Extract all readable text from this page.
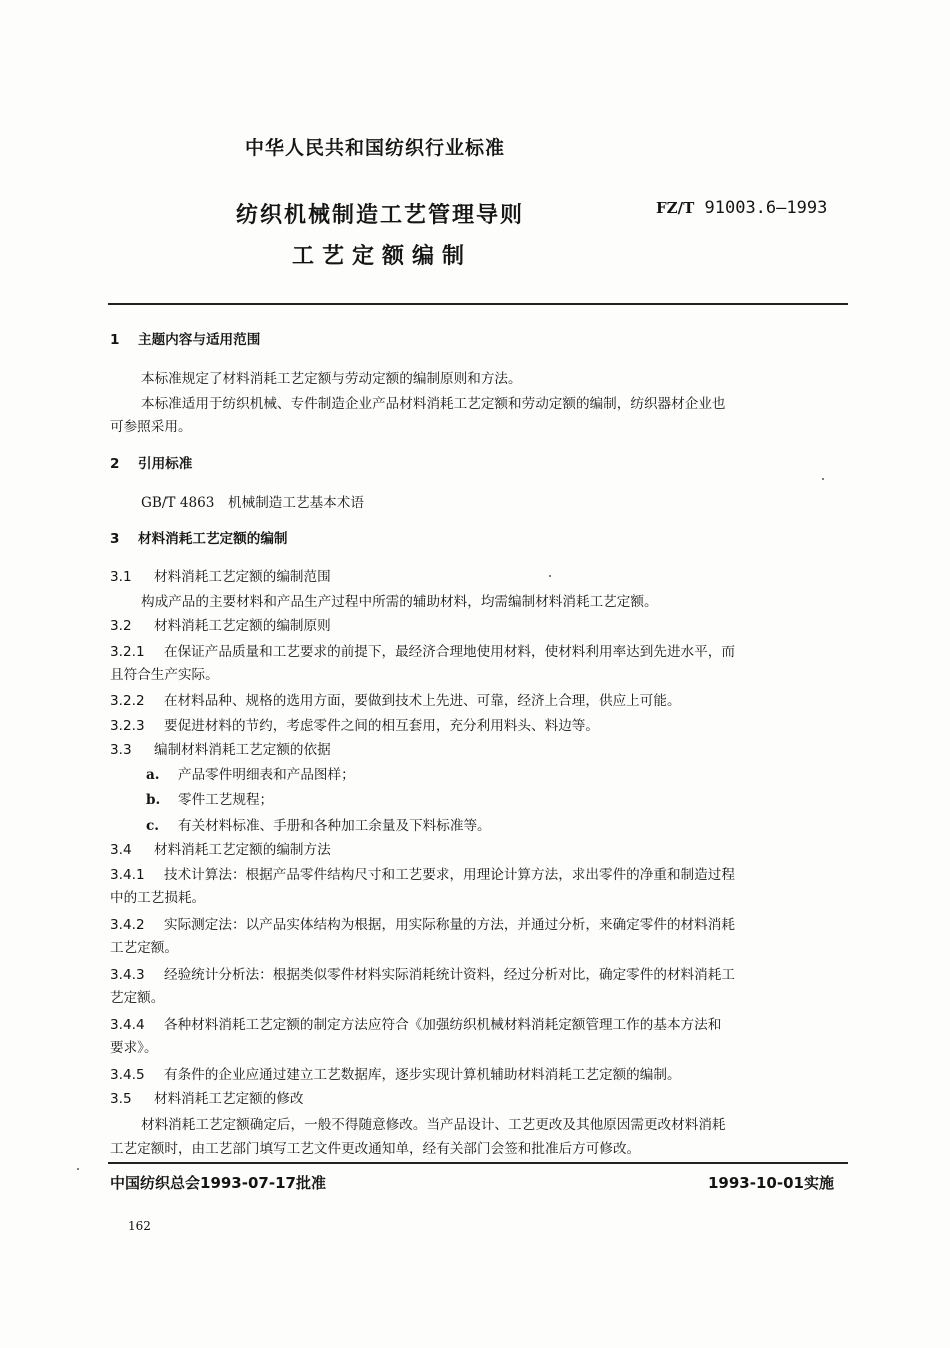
中华人民共和国纺织行业标准
纺织机械制造工艺管理导则
工艺定额编制
FZ/T 91003.6—1993
1 主题内容与适用范围
本标准规定了材料消耗工艺定额与劳动定额的编制原则和方法。
本标准适用于纺织机械、专件制造企业产品材料消耗工艺定额和劳动定额的编制，纺织器材企业也
可参照采用。
2 引用标准
GB/T 4863　机械制造工艺基本术语
3 材料消耗工艺定额的编制
3.1 材料消耗工艺定额的编制范围
构成产品的主要材料和产品生产过程中所需的辅助材料，均需编制材料消耗工艺定额。
3.2 材料消耗工艺定额的编制原则
3.2.1 在保证产品质量和工艺要求的前提下，最经济合理地使用材料，使材料利用率达到先进水平，而
且符合生产实际。
3.2.2 在材料品种、规格的选用方面，要做到技术上先进、可靠，经济上合理，供应上可能。
3.2.3 要促进材料的节约，考虑零件之间的相互套用，充分利用料头、料边等。
3.3 编制材料消耗工艺定额的依据
a. 产品零件明细表和产品图样；
b. 零件工艺规程；
c. 有关材料标准、手册和各种加工余量及下料标准等。
3.4 材料消耗工艺定额的编制方法
3.4.1 技术计算法：根据产品零件结构尺寸和工艺要求，用理论计算方法，求出零件的净重和制造过程
中的工艺损耗。
3.4.2 实际测定法：以产品实体结构为根据，用实际称量的方法，并通过分析，来确定零件的材料消耗
工艺定额。
3.4.3 经验统计分析法：根据类似零件材料实际消耗统计资料，经过分析对比，确定零件的材料消耗工
艺定额。
3.4.4 各种材料消耗工艺定额的制定方法应符合《加强纺织机械材料消耗定额管理工作的基本方法和
要求》。
3.4.5 有条件的企业应通过建立工艺数据库，逐步实现计算机辅助材料消耗工艺定额的编制。
3.5 材料消耗工艺定额的修改
材料消耗工艺定额确定后，一般不得随意修改。当产品设计、工艺更改及其他原因需更改材料消耗
工艺定额时，由工艺部门填写工艺文件更改通知单，经有关部门会签和批准后方可修改。
中国纺织总会1993-07-17批准	1993-10-01实施
162
